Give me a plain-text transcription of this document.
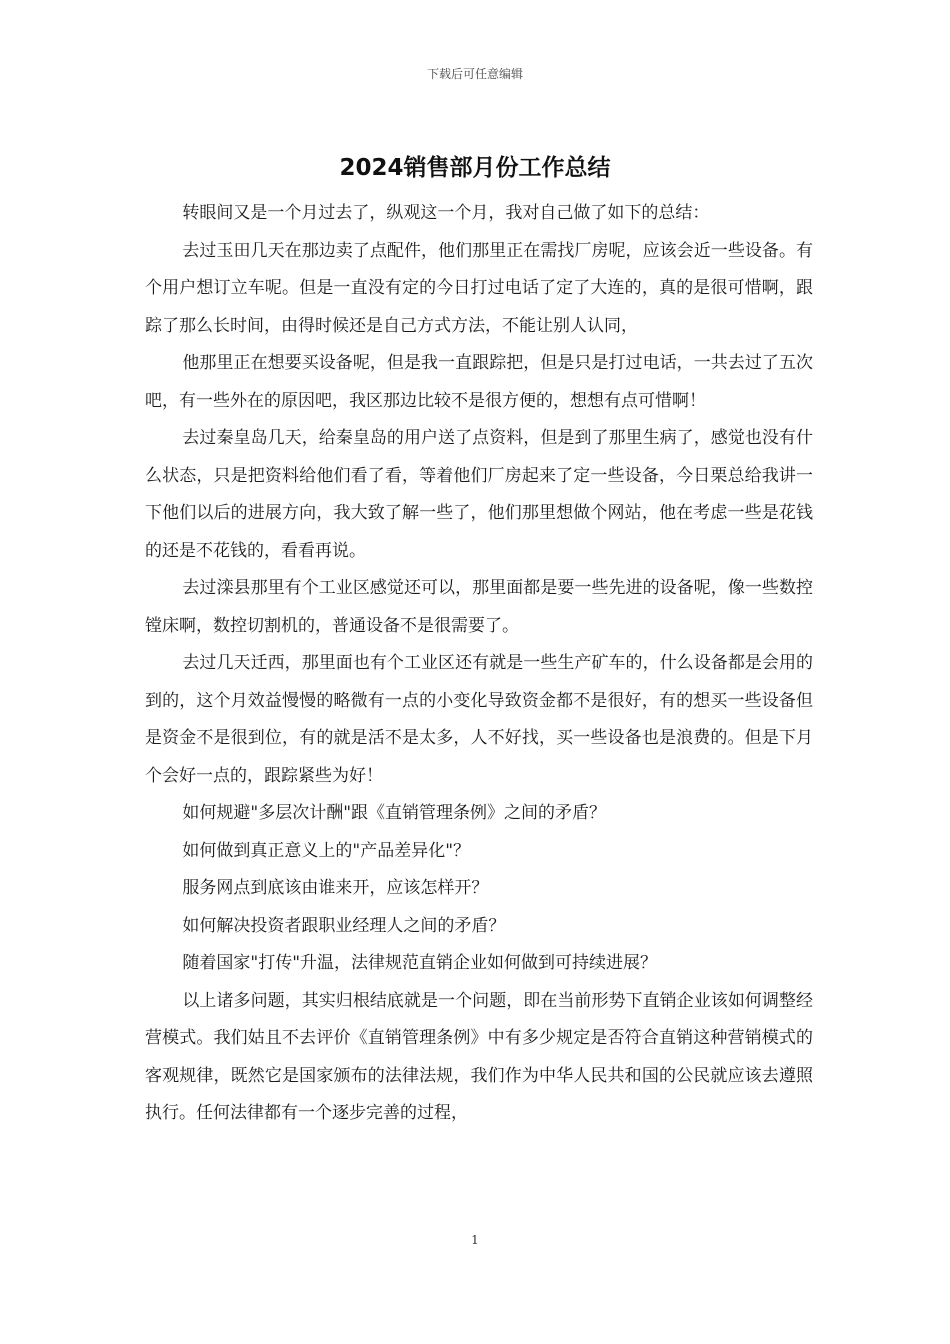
下载后可任意编辑
2024销售部月份工作总结

转眼间又是一个月过去了，纵观这一个月，我对自己做了如下的总结：

去过玉田几天在那边卖了点配件，他们那里正在需找厂房呢，应该会近一些设备。有个用户想订立车呢。但是一直没有定的今日打过电话了定了大连的，真的是很可惜啊，跟踪了那么长时间，由得时候还是自己方式方法，不能让别人认同，

他那里正在想要买设备呢，但是我一直跟踪把，但是只是打过电话，一共去过了五次吧，有一些外在的原因吧，我区那边比较不是很方便的，想想有点可惜啊！

去过秦皇岛几天，给秦皇岛的用户送了点资料，但是到了那里生病了，感觉也没有什么状态，只是把资料给他们看了看，等着他们厂房起来了定一些设备，今日栗总给我讲一下他们以后的进展方向，我大致了解一些了，他们那里想做个网站，他在考虑一些是花钱的还是不花钱的，看看再说。

去过滦县那里有个工业区感觉还可以，那里面都是要一些先进的设备呢，像一些数控镗床啊，数控切割机的，普通设备不是很需要了。

去过几天迁西，那里面也有个工业区还有就是一些生产矿车的，什么设备都是会用的到的，这个月效益慢慢的略微有一点的小变化导致资金都不是很好，有的想买一些设备但是资金不是很到位，有的就是活不是太多，人不好找，买一些设备也是浪费的。但是下月个会好一点的，跟踪紧些为好！

如何规避"多层次计酬"跟《直销管理条例》之间的矛盾？

如何做到真正意义上的"产品差异化"？

服务网点到底该由谁来开，应该怎样开？

如何解决投资者跟职业经理人之间的矛盾？

随着国家"打传"升温，法律规范直销企业如何做到可持续进展？

以上诸多问题，其实归根结底就是一个问题，即在当前形势下直销企业该如何调整经营模式。我们姑且不去评价《直销管理条例》中有多少规定是否符合直销这种营销模式的客观规律，既然它是国家颁布的法律法规，我们作为中华人民共和国的公民就应该去遵照执行。任何法律都有一个逐步完善的过程，

1
